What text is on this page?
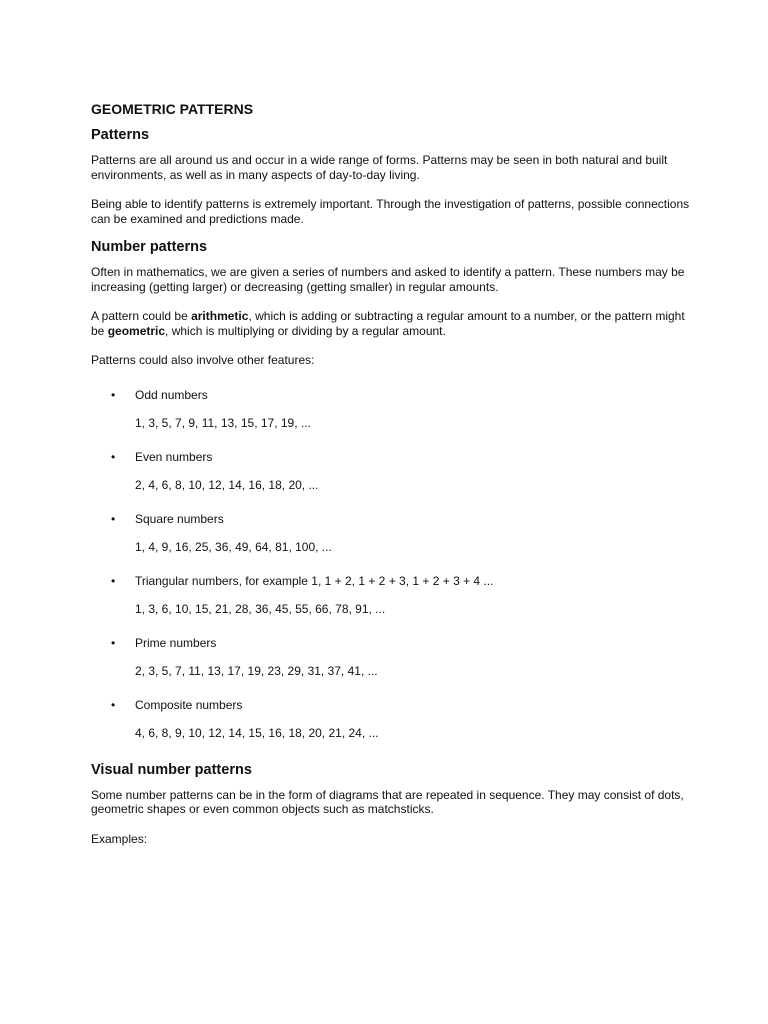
GEOMETRIC PATTERNS
Patterns

Patterns are all around us and occur in a wide range of forms. Patterns may be seen in both natural and built environments, as well as in many aspects of day-to-day living.

Being able to identify patterns is extremely important. Through the investigation of patterns, possible connections can be examined and predictions made.

Number patterns

Often in mathematics, we are given a series of numbers and asked to identify a pattern. These numbers may be increasing (getting larger) or decreasing (getting smaller) in regular amounts.

A pattern could be arithmetic, which is adding or subtracting a regular amount to a number, or the pattern might be geometric, which is multiplying or dividing by a regular amount.

Patterns could also involve other features:

• Odd numbers

1, 3, 5, 7, 9, 11, 13, 15, 17, 19, ...

• Even numbers

2, 4, 6, 8, 10, 12, 14, 16, 18, 20, ...

• Square numbers

1, 4, 9, 16, 25, 36, 49, 64, 81, 100, ...

• Triangular numbers, for example 1, 1 + 2, 1 + 2 + 3, 1 + 2 + 3 + 4 ...

1, 3, 6, 10, 15, 21, 28, 36, 45, 55, 66, 78, 91, ...

• Prime numbers

2, 3, 5, 7, 11, 13, 17, 19, 23, 29, 31, 37, 41, ...

• Composite numbers

4, 6, 8, 9, 10, 12, 14, 15, 16, 18, 20, 21, 24, ...

Visual number patterns

Some number patterns can be in the form of diagrams that are repeated in sequence. They may consist of dots, geometric shapes or even common objects such as matchsticks.

Examples:
